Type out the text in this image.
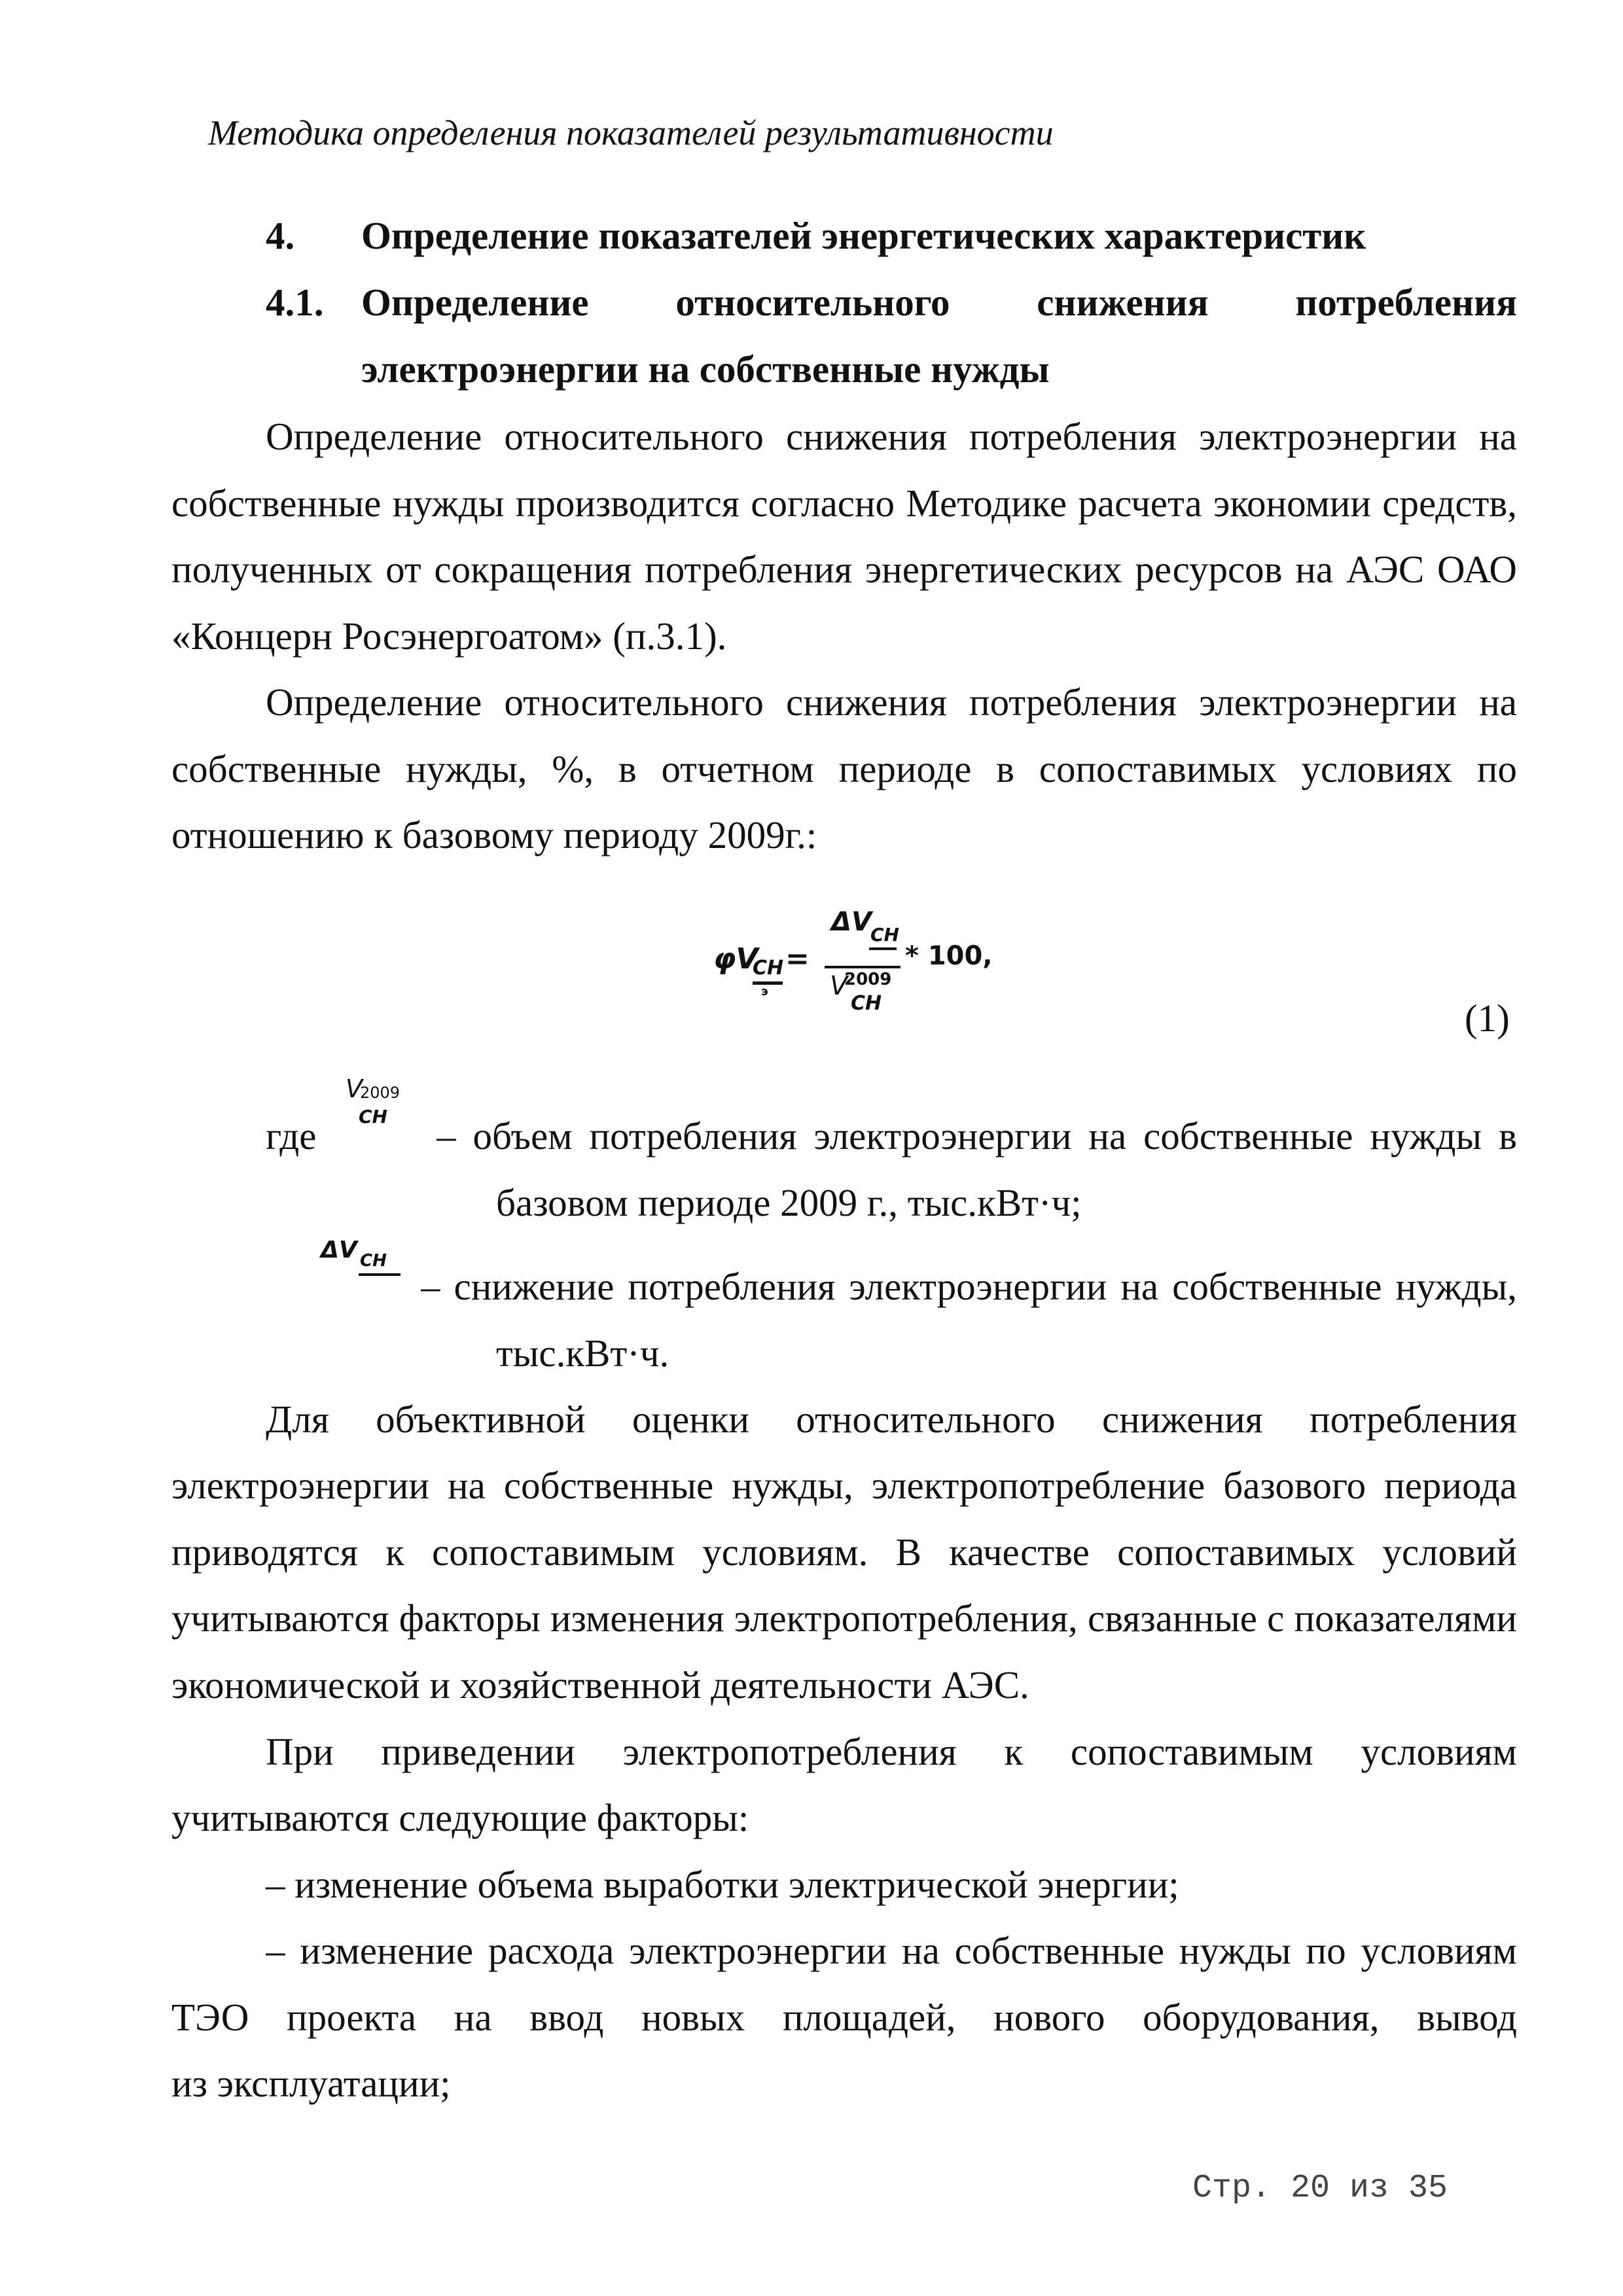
Методика определения показателей результативности
4. Определение показателей энергетических характеристик
4.1. Определение относительного снижения потребления
электроэнергии на собственные нужды
Определение относительного снижения потребления электроэнергии на
собственные нужды производится согласно Методике расчета экономии средств,
полученных от сокращения потребления энергетических ресурсов на АЭС ОАО
«Концерн Росэнергоатом» (п.3.1).
Определение относительного снижения потребления электроэнергии на
собственные нужды, %, в отчетном периоде в сопоставимых условиях по
отношению к базовому периоду 2009г.:
φV
CH
э
=
ΔV
CH
V
2009
CH
* 100,
(1)
где
V
2009
CH – объем потребления электроэнергии на собственные нужды в
базовом периоде 2009 г., тыс.кВт·ч;
ΔV CH
– снижение потребления электроэнергии на собственные нужды,
тыс.кВт·ч.
Для объективной оценки относительного снижения потребления
электроэнергии на собственные нужды, электропотребление базового периода
приводятся к сопоставимым условиям. В качестве сопоставимых условий
учитываются факторы изменения электропотребления, связанные с показателями
экономической и хозяйственной деятельности АЭС.
При приведении электропотребления к сопоставимым условиям
учитываются следующие факторы:
– изменение объема выработки электрической энергии;
– изменение расхода электроэнергии на собственные нужды по условиям
ТЭО проекта на ввод новых площадей, нового оборудования, вывод
из эксплуатации;
Стр. 20 из 35
